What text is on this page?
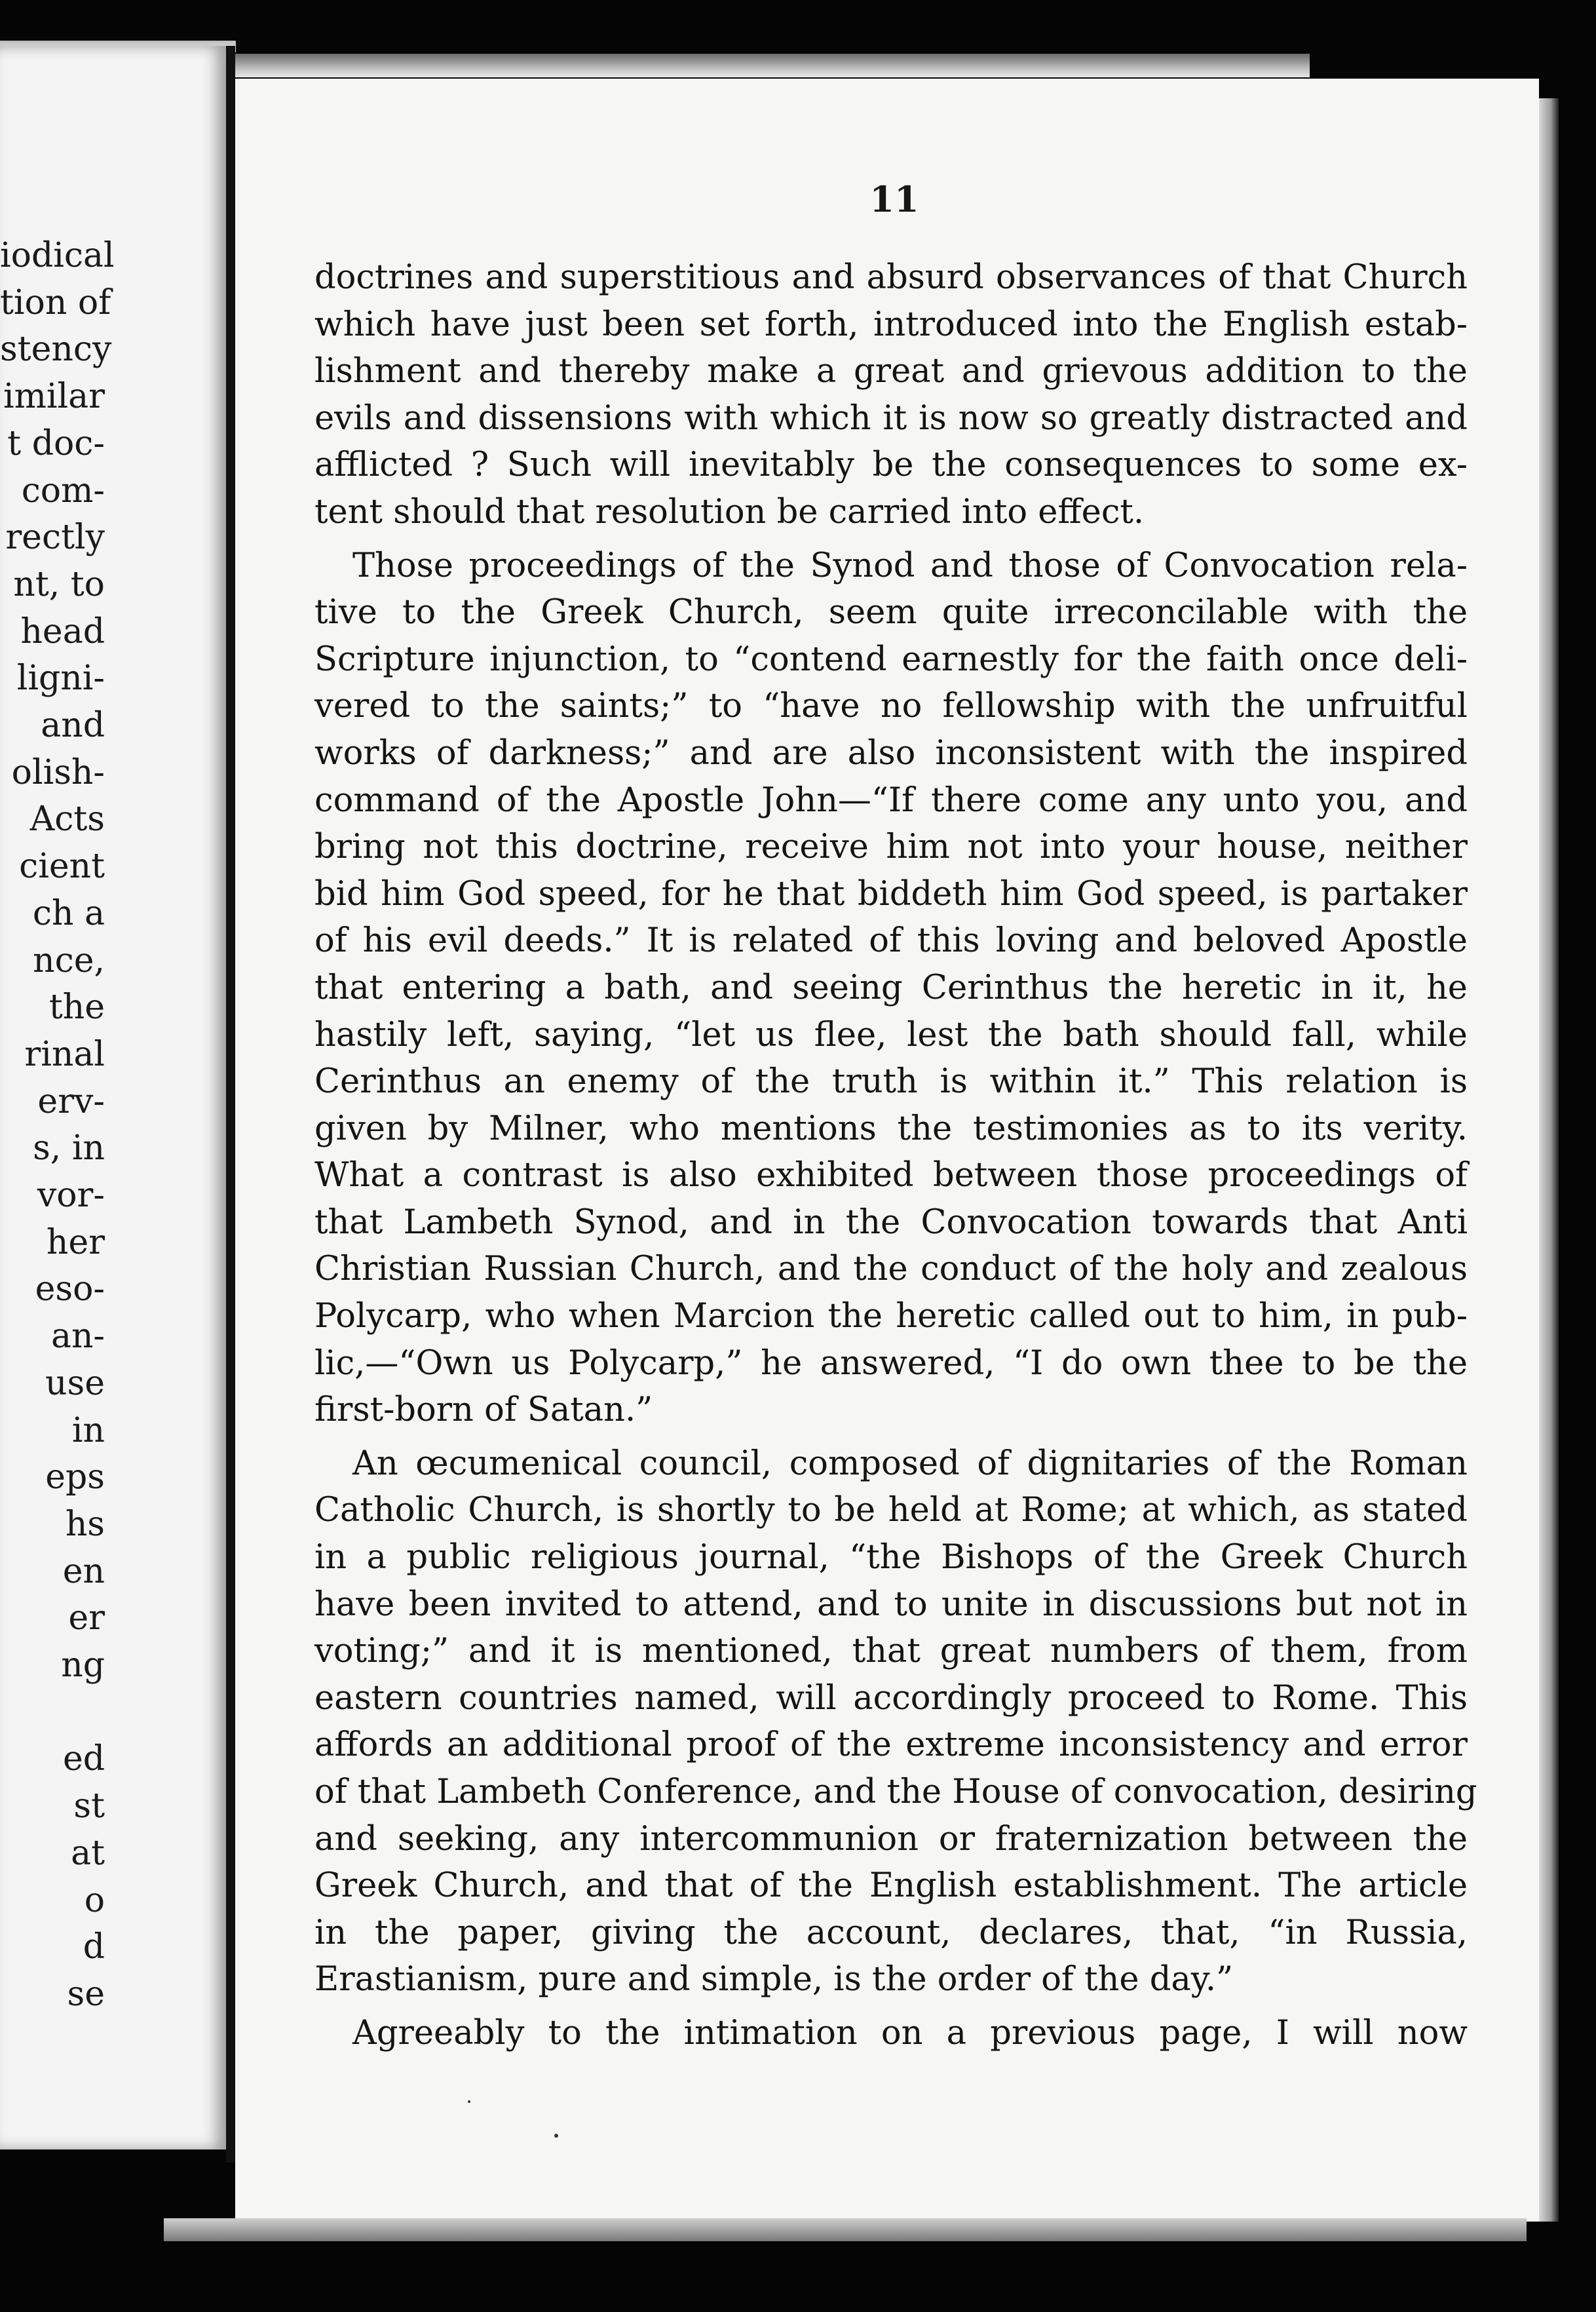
iodical
tion of
stency
imilar
t doc-
com-
rectly
nt, to
head
ligni-
and
olish-
Acts
cient
ch a
nce,
the
rinal
erv-
s, in
vor-
her
eso-
an-
use
in
eps
hs
en
er
ng
ed
st
at
o
d
se
11
doctrines and superstitious and absurd observances of that Church
which have just been set forth, introduced into the English estab-
lishment and thereby make a great and grievous addition to the
evils and dissensions with which it is now so greatly distracted and
afflicted ? Such will inevitably be the consequences to some ex-
tent should that resolution be carried into effect.
Those proceedings of the Synod and those of Convocation rela-
tive to the Greek Church, seem quite irreconcilable with the
Scripture injunction, to “contend earnestly for the faith once deli-
vered to the saints;” to “have no fellowship with the unfruitful
works of darkness;” and are also inconsistent with the inspired
command of the Apostle John—“If there come any unto you, and
bring not this doctrine, receive him not into your house, neither
bid him God speed, for he that biddeth him God speed, is partaker
of his evil deeds.” It is related of this loving and beloved Apostle
that entering a bath, and seeing Cerinthus the heretic in it, he
hastily left, saying, “let us flee, lest the bath should fall, while
Cerinthus an enemy of the truth is within it.” This relation is
given by Milner, who mentions the testimonies as to its verity.
What a contrast is also exhibited between those proceedings of
that Lambeth Synod, and in the Convocation towards that Anti
Christian Russian Church, and the conduct of the holy and zealous
Polycarp, who when Marcion the heretic called out to him, in pub-
lic,—“Own us Polycarp,” he answered, “I do own thee to be the
first-born of Satan.”
An œcumenical council, composed of dignitaries of the Roman
Catholic Church, is shortly to be held at Rome; at which, as stated
in a public religious journal, “the Bishops of the Greek Church
have been invited to attend, and to unite in discussions but not in
voting;” and it is mentioned, that great numbers of them, from
eastern countries named, will accordingly proceed to Rome. This
affords an additional proof of the extreme inconsistency and error
of that Lambeth Conference, and the House of convocation, desiring
and seeking, any intercommunion or fraternization between the
Greek Church, and that of the English establishment. The article
in the paper, giving the account, declares, that, “in Russia,
Erastianism, pure and simple, is the order of the day.”
Agreeably to the intimation on a previous page, I will now
